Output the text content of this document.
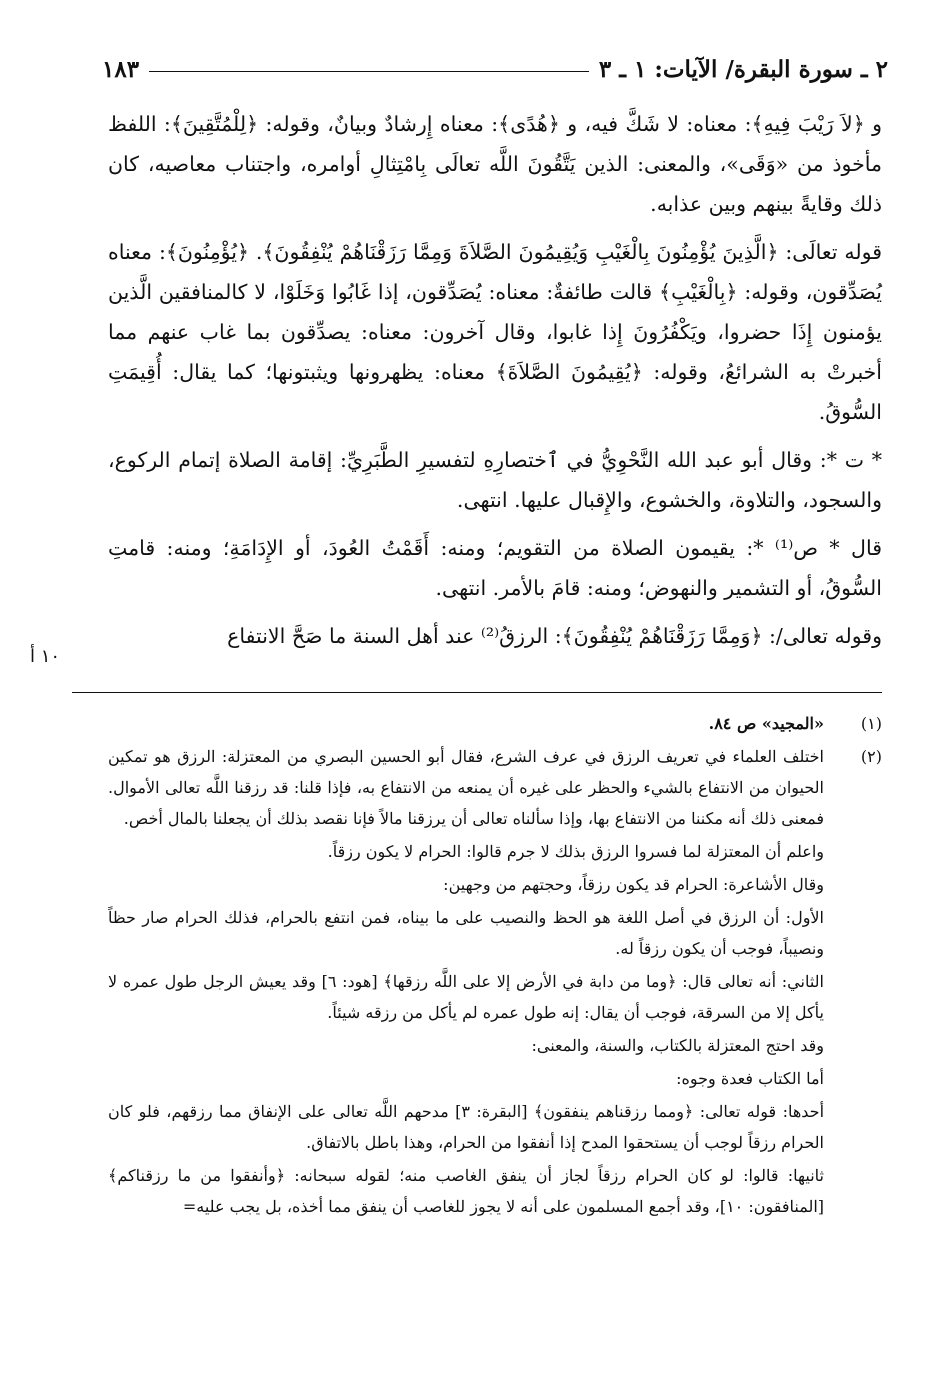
٢ ـ سورة البقرة/ الآيات: ١ ـ ٣
١٨٣

و ﴿لاَ رَيْبَ فِيهِ﴾: معناه: لا شَكَّ فيه، و ﴿هُدًى﴾: معناه إِرشادٌ وبيانٌ، وقوله: ﴿لِلْمُتَّقِينَ﴾: اللفظ مأخوذ من «وَقَى»، والمعنى: الذين يَتَّقُونَ اللَّه تعالَى بِامْتِثالِ أوامره، واجتناب معاصيه، كان ذلك وقايةً بينهم وبين عذابه.

قوله تعالَى: ﴿الَّذِينَ يُؤْمِنُونَ بِالْغَيْبِ وَيُقِيمُونَ الصَّلاَةَ وَمِمَّا رَزَقْنَاهُمْ يُنْفِقُونَ﴾. ﴿يُؤْمِنُونَ﴾: معناه يُصَدِّقون، وقوله: ﴿بِالْغَيْبِ﴾ قالت طائفةٌ: معناه: يُصَدِّقون، إذا غَابُوا وَخَلَوْا، لا كالمنافقين الَّذين يؤمنون إِذَا حضروا، ويَكْفُرُونَ إِذا غابوا، وقال آخرون: معناه: يصدِّقون بما غاب عنهم مما أخبرتْ به الشرائعُ، وقوله: ﴿يُقِيمُونَ الصَّلاَةَ﴾ معناه: يظهرونها ويثبتونها؛ كما يقال: أُقِيمَتِ السُّوقُ.

* ت *: وقال أبو عبد الله النَّحْوِيُّ في ٱختصارِهِ لتفسيرِ الطَّبَرِيِّ: إقامة الصلاة إتمام الركوع، والسجود، والتلاوة، والخشوع، والإِقبال عليها. انتهى.

قال * ص⁽¹⁾ *: يقيمون الصلاة من التقويم؛ ومنه: أَقَمْتُ العُودَ، أو الإِدَامَةِ؛ ومنه: قامتِ السُّوقُ، أو التشمير والنهوض؛ ومنه: قامَ بالأمر. انتهى.

وقوله تعالى/: ﴿وَمِمَّا رَزَقْنَاهُمْ يُنْفِقُونَ﴾: الرزقُ⁽²⁾ عند أهل السنة ما صَحَّ الانتفاع

١٠ أ
(١)

«المجيد» ص ٨٤.

(٢)

اختلف العلماء في تعريف الرزق في عرف الشرع، فقال أبو الحسين البصري من المعتزلة: الرزق هو تمكين الحيوان من الانتفاع بالشيء والحظر على غيره أن يمنعه من الانتفاع به، فإذا قلنا: قد رزقنا اللَّه تعالى الأموال. فمعنى ذلك أنه مكننا من الانتفاع بها، وإذا سألناه تعالى أن يرزقنا مالاً فإنا نقصد بذلك أن يجعلنا بالمال أخص.

واعلم أن المعتزلة لما فسروا الرزق بذلك لا جرم قالوا: الحرام لا يكون رزقاً.

وقال الأشاعرة: الحرام قد يكون رزقاً، وحجتهم من وجهين:

الأول: أن الرزق في أصل اللغة هو الحظ والنصيب على ما بيناه، فمن انتفع بالحرام، فذلك الحرام صار حظاً ونصيباً، فوجب أن يكون رزقاً له.

الثاني: أنه تعالى قال: ﴿وما من دابة في الأرض إلا على اللَّه رزقها﴾ [هود: ٦] وقد يعيش الرجل طول عمره لا يأكل إلا من السرقة، فوجب أن يقال: إنه طول عمره لم يأكل من رزقه شيئاً.

وقد احتج المعتزلة بالكتاب، والسنة، والمعنى:

أما الكتاب فعدة وجوه:

أحدها: قوله تعالى: ﴿ومما رزقناهم ينفقون﴾ [البقرة: ٣] مدحهم اللَّه تعالى على الإنفاق مما رزقهم، فلو كان الحرام رزقاً لوجب أن يستحقوا المدح إذا أنفقوا من الحرام، وهذا باطل بالاتفاق.

ثانيها: قالوا: لو كان الحرام رزقاً لجاز أن ينفق الغاصب منه؛ لقوله سبحانه: ﴿وأنفقوا من ما رزقناكم﴾ [المنافقون: ١٠]، وقد أجمع المسلمون على أنه لا يجوز للغاصب أن ينفق مما أخذه، بل يجب عليه=
